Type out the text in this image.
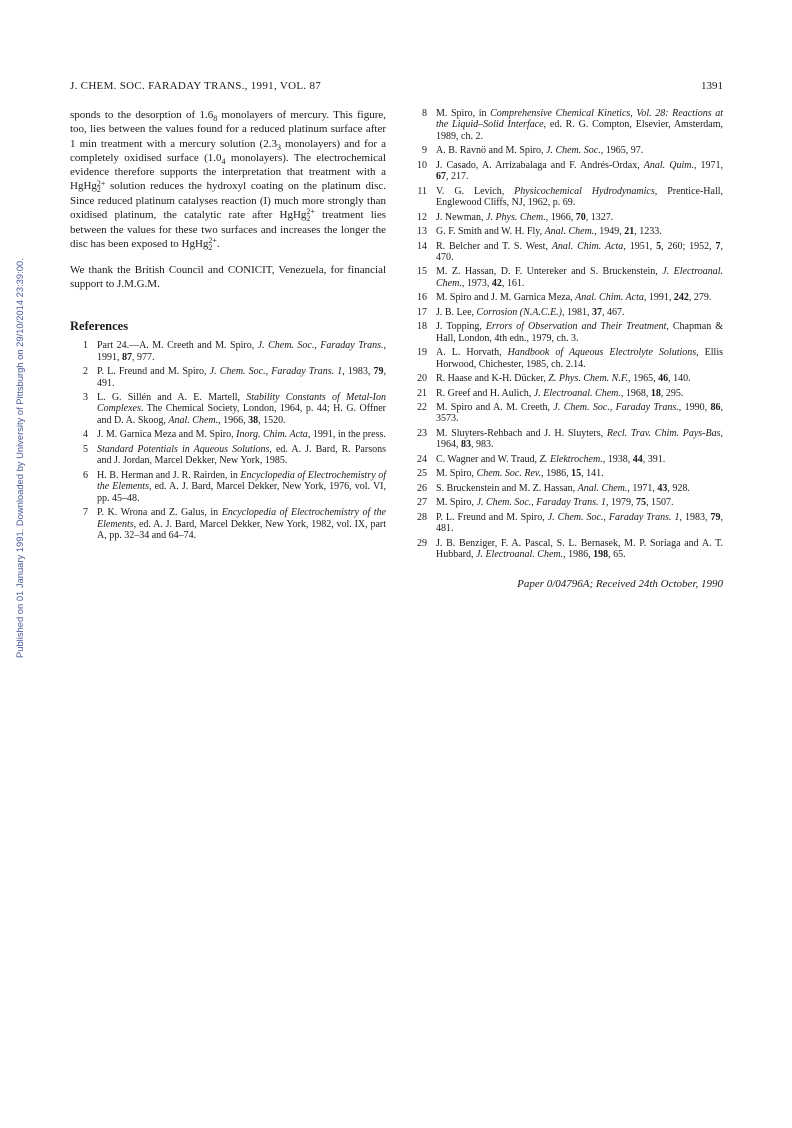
Published on 01 January 1991. Downloaded by University of Pittsburgh on 29/10/2014 23:39:00.
J. CHEM. SOC. FARADAY TRANS., 1991, VOL. 87	1391

sponds to the desorption of $1.6_8$ monolayers of mercury. This figure, too, lies between the values found for a reduced platinum surface after 1 min treatment with a mercury solution ($2.3_3$ monolayers) and for a completely oxidised surface ($1.0_4$ monolayers). The electrochemical evidence therefore supports the interpretation that treatment with a HgHg 2+
2 solution reduces the hydroxyl coating on the platinum disc. Since reduced platinum catalyses reaction (I) much more strongly than oxidised platinum, the catalytic rate after HgHg 2+
2 treatment lies between the values for these two surfaces and increases the longer the disc has been exposed to HgHg 2+
2 .

We thank the British Council and CONICIT, Venezuela, for financial support to J.M.G.M.

References
1 Part 24.—A. M. Creeth and M. Spiro, J. Chem. Soc., Faraday Trans., 1991, 87, 977.
2 P. L. Freund and M. Spiro, J. Chem. Soc., Faraday Trans. 1, 1983, 79, 491.
3 L. G. Sillén and A. E. Martell, Stability Constants of Metal-Ion Complexes. The Chemical Society, London, 1964, p. 44; H. G. Offner and D. A. Skoog, Anal. Chem., 1966, 38, 1520.
4 J. M. Garnica Meza and M. Spiro, Inorg. Chim. Acta, 1991, in the press.
5 Standard Potentials in Aqueous Solutions, ed. A. J. Bard, R. Parsons and J. Jordan, Marcel Dekker, New York, 1985.
6 H. B. Herman and J. R. Rairden, in Encyclopedia of Electrochemistry of the Elements, ed. A. J. Bard, Marcel Dekker, New York, 1976, vol. VI, pp. 45–48.
7 P. K. Wrona and Z. Galus, in Encyclopedia of Electrochemistry of the Elements, ed. A. J. Bard, Marcel Dekker, New York, 1982, vol. IX, part A, pp. 32–34 and 64–74.
8 M. Spiro, in Comprehensive Chemical Kinetics, Vol. 28: Reactions at the Liquid–Solid Interface, ed. R. G. Compton, Elsevier, Amsterdam, 1989, ch. 2.
9 A. B. Ravnö and M. Spiro, J. Chem. Soc., 1965, 97.
10 J. Casado, A. Arrizabalaga and F. Andrés-Ordax, Anal. Quim., 1971, 67, 217.
11 V. G. Levich, Physicochemical Hydrodynamics, Prentice-Hall, Englewood Cliffs, NJ, 1962, p. 69.
12 J. Newman, J. Phys. Chem., 1966, 70, 1327.
13 G. F. Smith and W. H. Fly, Anal. Chem., 1949, 21, 1233.
14 R. Belcher and T. S. West, Anal. Chim. Acta, 1951, 5, 260; 1952, 7, 470.
15 M. Z. Hassan, D. F. Untereker and S. Bruckenstein, J. Electroanal. Chem., 1973, 42, 161.
16 M. Spiro and J. M. Garnica Meza, Anal. Chim. Acta, 1991, 242, 279.
17 J. B. Lee, Corrosion (N.A.C.E.), 1981, 37, 467.
18 J. Topping, Errors of Observation and Their Treatment, Chapman & Hall, London, 4th edn., 1979, ch. 3.
19 A. L. Horvath, Handbook of Aqueous Electrolyte Solutions, Ellis Horwood, Chichester, 1985, ch. 2.14.
20 R. Haase and K-H. Dücker, Z. Phys. Chem. N.F., 1965, 46, 140.
21 R. Greef and H. Aulich, J. Electroanal. Chem., 1968, 18, 295.
22 M. Spiro and A. M. Creeth, J. Chem. Soc., Faraday Trans., 1990, 86, 3573.
23 M. Sluyters-Rehbach and J. H. Sluyters, Recl. Trav. Chim. Pays-Bas, 1964, 83, 983.
24 C. Wagner and W. Traud, Z. Elektrochem., 1938, 44, 391.
25 M. Spiro, Chem. Soc. Rev., 1986, 15, 141.
26 S. Bruckenstein and M. Z. Hassan, Anal. Chem., 1971, 43, 928.
27 M. Spiro, J. Chem. Soc., Faraday Trans. 1, 1979, 75, 1507.
28 P. L. Freund and M. Spiro, J. Chem. Soc., Faraday Trans. 1, 1983, 79, 481.
29 J. B. Benziger, F. A. Pascal, S. L. Bernasek, M. P. Soriaga and A. T. Hubbard, J. Electroanal. Chem., 1986, 198, 65.
Paper 0/04796A; Received 24th October, 1990
